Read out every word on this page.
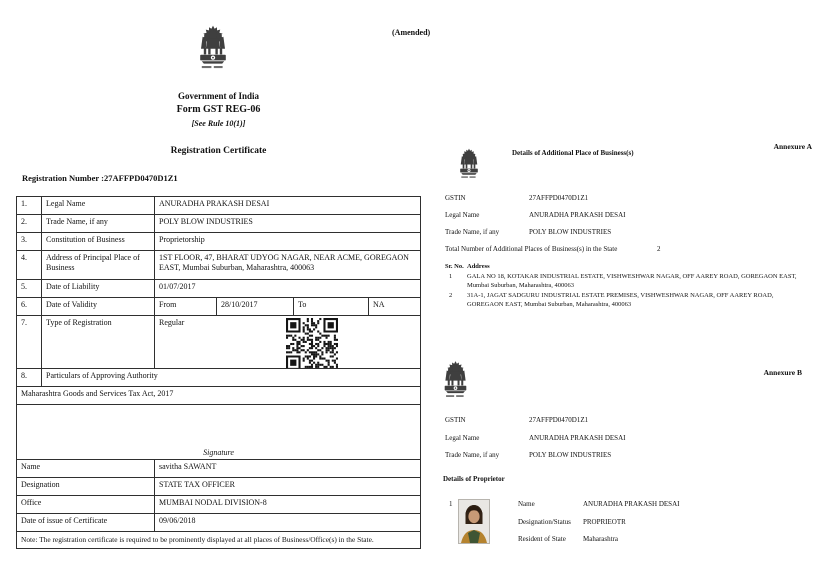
(Amended)
Government of India
Form GST REG-06
[See Rule 10(1)]
Registration Certificate
Registration Number :27AFFPD0470D1Z1
1.	Legal Name	ANURADHA PRAKASH DESAI			
2.	Trade Name, if any	POLY BLOW INDUSTRIES			
3.	Constitution of Business	Proprietorship			
4.	Address of Principal Place of Business	1ST FLOOR, 47, BHARAT UDYOG NAGAR, NEAR ACME, GOREGAON EAST, Mumbai Suburban, Maharashtra, 400063			
5.	Date of Liability	01/07/2017			
6.	Date of Validity	From	28/10/2017	To	NA
7.	Type of Registration	Regular			

8.	Particulars of Approving Authority				
Maharashtra Goods and Services Tax Act, 2017					

Signature					

Name		savitha SAWANT			
Designation		STATE TAX OFFICER			
Office		MUMBAI NODAL DIVISION-8			
Date of issue of Certificate		09/06/2018			
Note: The registration certificate is required to be prominently displayed at all places of Business/Office(s) in the State.					
Annexure A
Details of Additional Place of Business(s)
GSTIN	27AFFPD0470D1Z1
Legal Name	ANURADHA PRAKASH DESAI
Trade Name, if any	POLY BLOW INDUSTRIES
Total Number of Additional Places of Business(s) in the State	2
Sr. No. Address
1 GALA NO 18, KOTAKAR INDUSTRIAL ESTATE, VISHWESHWAR NAGAR, OFF AAREY ROAD, GOREGAON EAST, Mumbai Suburban, Maharashtra, 400063
2 31A-1, JAGAT SADGURU INDUSTRIAL ESTATE PREMISES, VISHWESHWAR NAGAR, OFF AAREY ROAD, GOREGAON EAST, Mumbai Suburban, Maharashtra, 400063
Annexure B
GSTIN	27AFFPD0470D1Z1
Legal Name	ANURADHA PRAKASH DESAI
Trade Name, if any	POLY BLOW INDUSTRIES
Details of Proprietor
1	Name	ANURADHA PRAKASH DESAI
Designation/Status PROPRIEOTR
Resident of State Maharashtra
